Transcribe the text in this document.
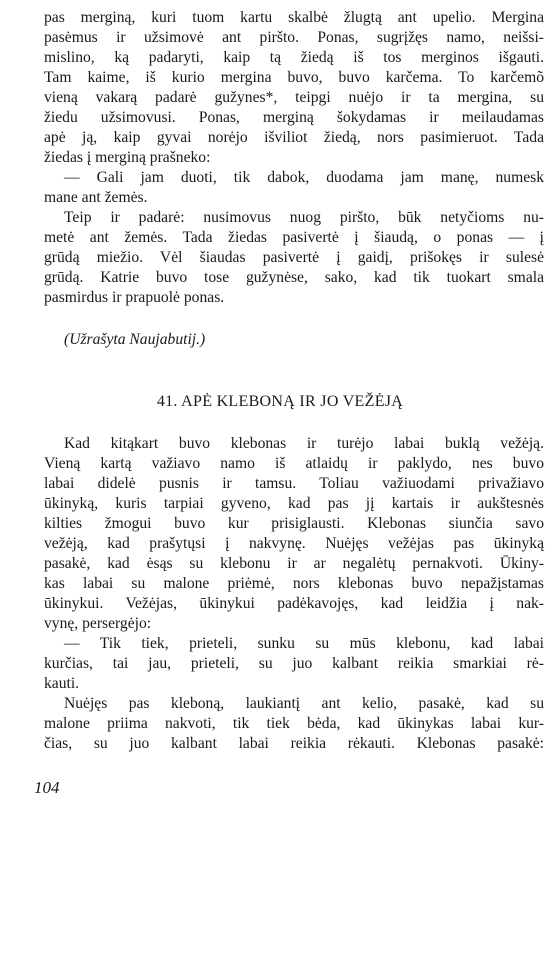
pas merginą, kuri tuom kartu skalbė žlugtą ant upelio. Mergina
pasėmus ir užsimovė ant piršto. Ponas, sugrįžęs namo, neišsi-
mislino, ką padaryti, kaip tą žiedą iš tos merginos išgauti.
Tam kaime, iš kurio mergina buvo, buvo karčema. To karčemõ
vieną vakarą padarė gužynes*, teipgi nuėjo ir ta mergina, su
žiedu užsimovusi. Ponas, merginą šokydamas ir meilaudamas
apė ją, kaip gyvai norėjo išviliot žiedą, nors pasimieruot. Tada
žiedas į merginą prašneko:
— Gali jam duoti, tik dabok, duodama jam manę, numesk
mane ant žemės.
Teip ir padarė: nusimovus nuog piršto, būk netyčioms nu-
metė ant žemės. Tada žiedas pasivertė į šiaudą, o ponas — į
grūdą miežio. Vėl šiaudas pasivertė į gaidį, prišokęs ir sulesė
grūdą. Katrie buvo tose gužynėse, sako, kad tik tuokart smala
pasmirdus ir prapuolė ponas.
(Užrašyta Naujabutij.)
41. APĖ KLEBONĄ IR JO VEŽĖJĄ
Kad kitąkart buvo klebonas ir turėjo labai buklą vežėją.
Vieną kartą važiavo namo iš atlaidų ir paklydo, nes buvo
labai didelė pusnis ir tamsu. Toliau važiuodami privažiavo
ūkinyką, kuris tarpiai gyveno, kad pas jį kartais ir aukštesnės
kilties žmogui buvo kur prisiglausti. Klebonas siunčia savo
vežėją, kad prašytųsi į nakvynę. Nuėjęs vežėjas pas ūkinyką
pasakė, kad ėsąs su klebonu ir ar negalėtų pernakvoti. Ūkiny-
kas labai su malone priėmė, nors klebonas buvo nepažįstamas
ūkinykui. Vežėjas, ūkinykui padėkavojęs, kad leidžia į nak-
vynę, persergėjo:
— Tik tiek, prieteli, sunku su mūs klebonu, kad labai
kurčias, tai jau, prieteli, su juo kalbant reikia smarkiai rė-
kauti.
Nuėjęs pas kleboną, laukiantį ant kelio, pasakė, kad su
malone priima nakvoti, tik tiek bėda, kad ūkinykas labai kur-
čias, su juo kalbant labai reikia rėkauti. Klebonas pasakė:
104
